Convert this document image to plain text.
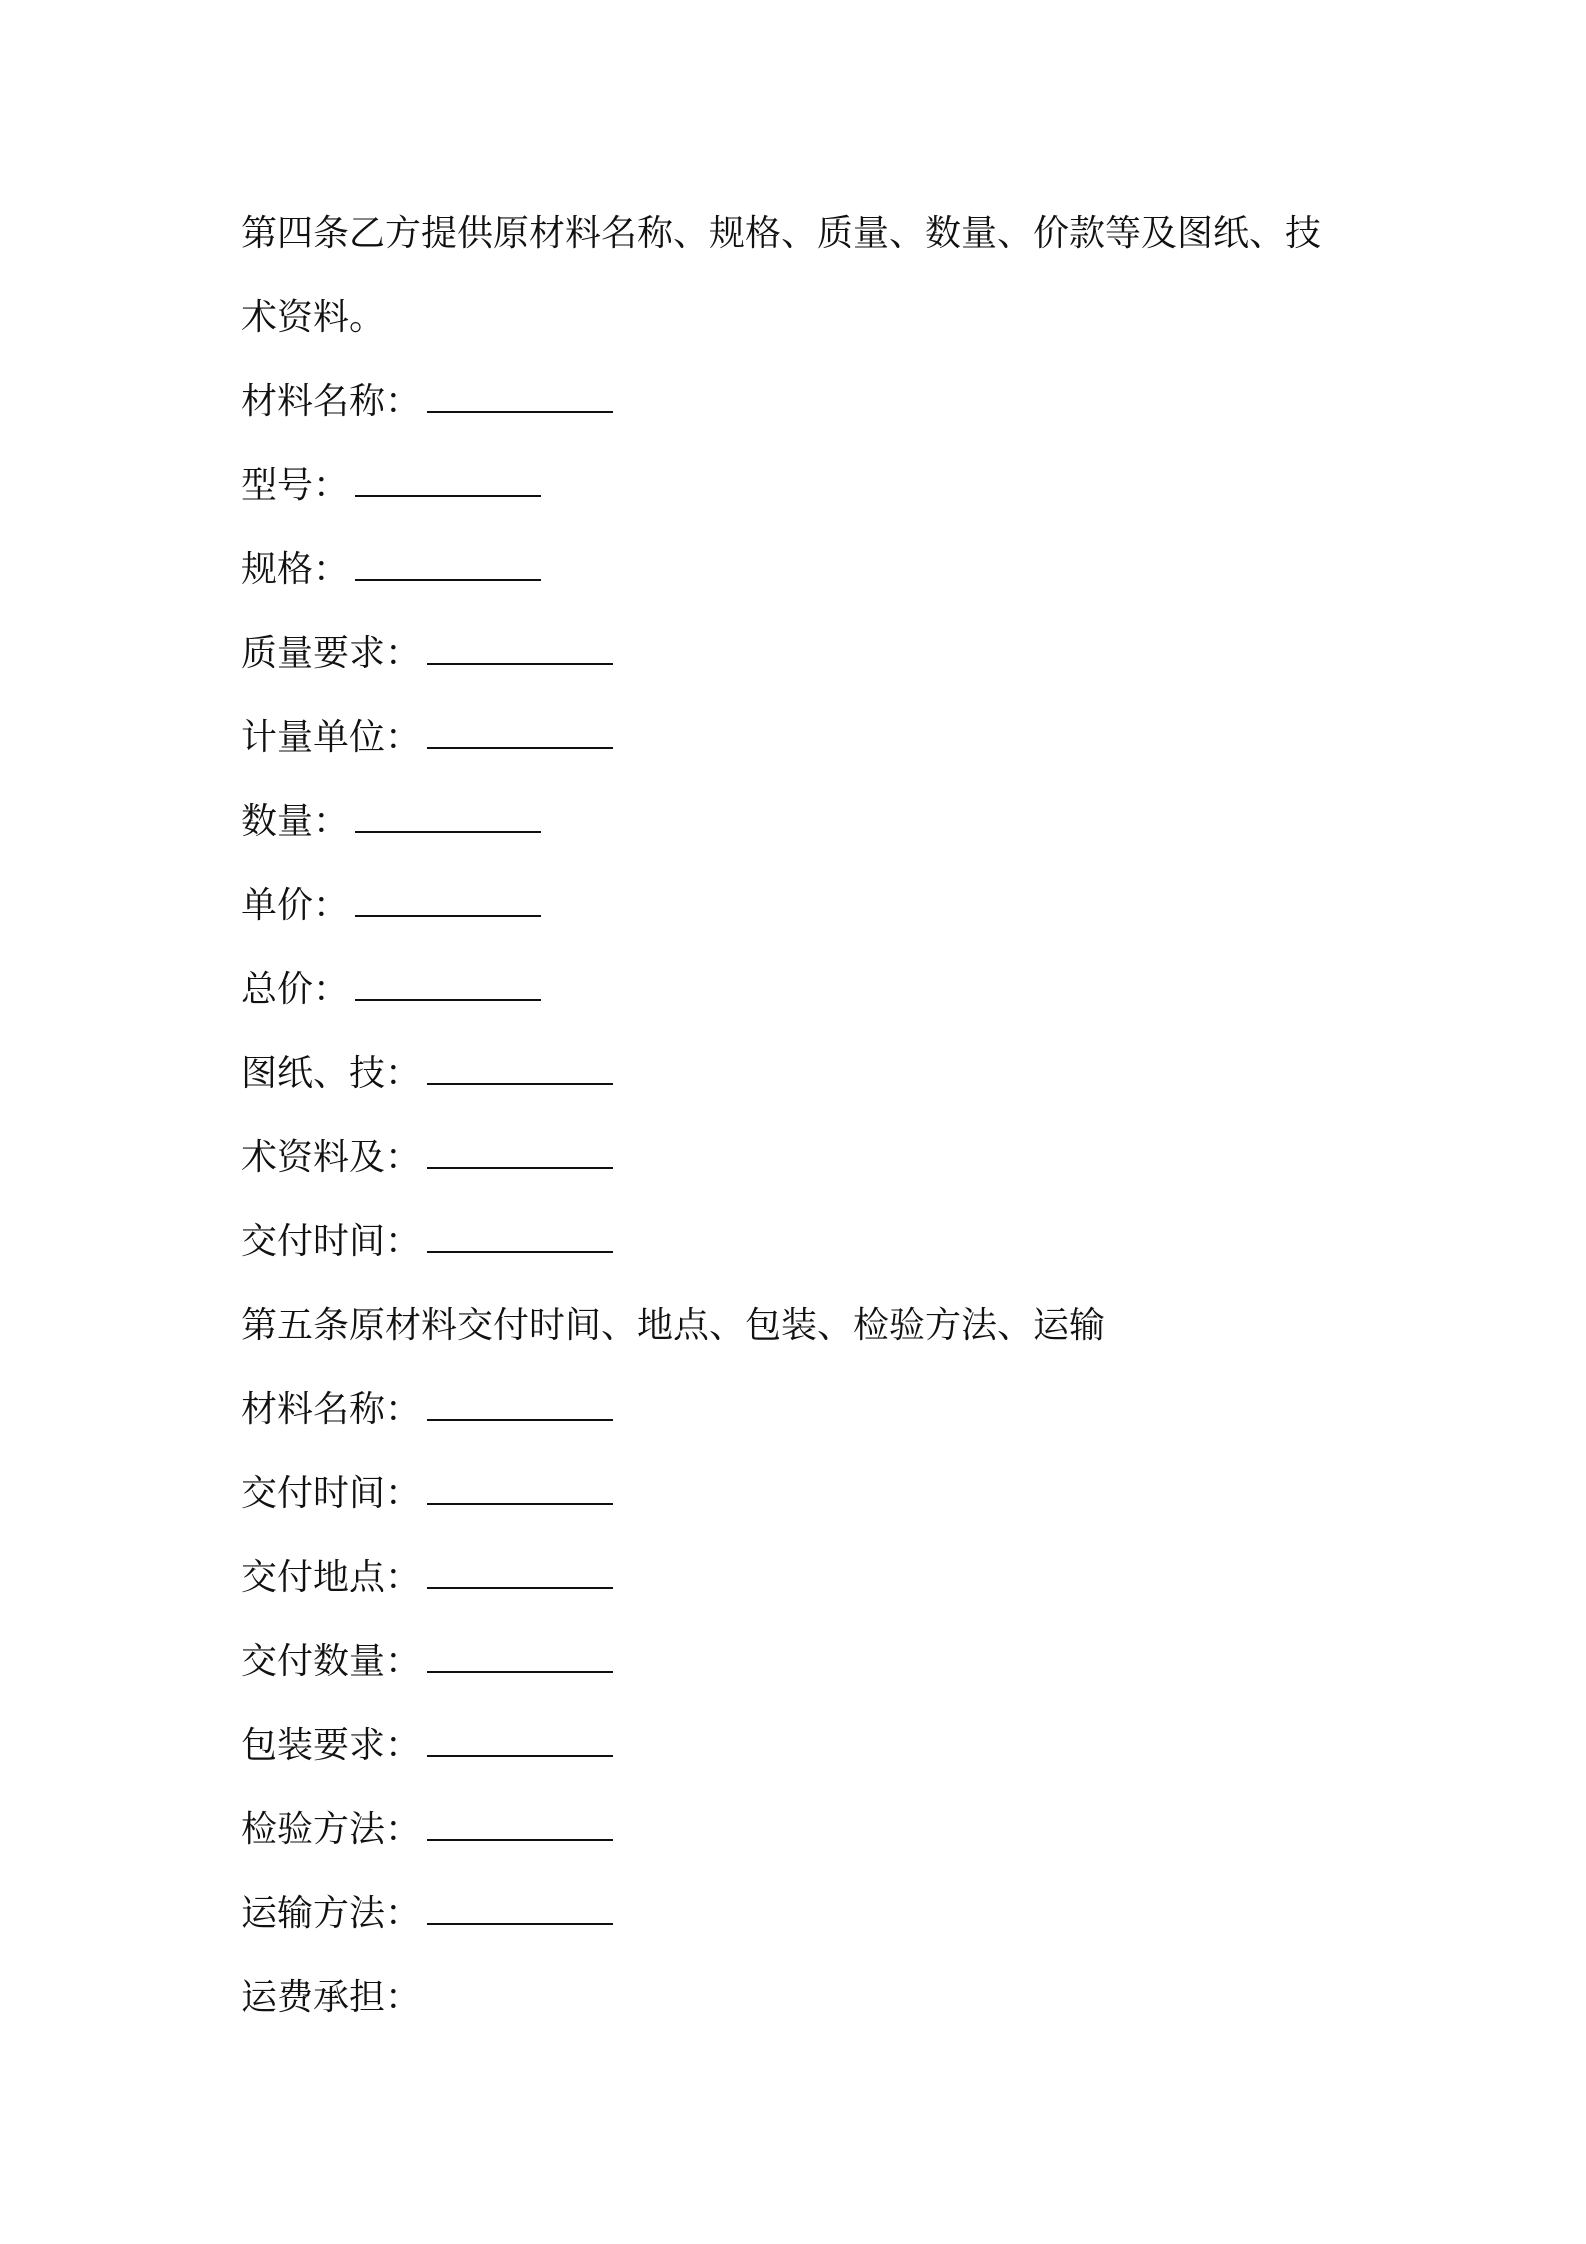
第四条乙方提供原材料名称、规格、质量、数量、价款等及图纸、技
术资料。
材料名称：
型号：
规格：
质量要求：
计量单位：
数量：
单价：
总价：
图纸、技：
术资料及：
交付时间：
第五条原材料交付时间、地点、包装、检验方法、运输
材料名称：
交付时间：
交付地点：
交付数量：
包装要求：
检验方法：
运输方法：
运费承担：
